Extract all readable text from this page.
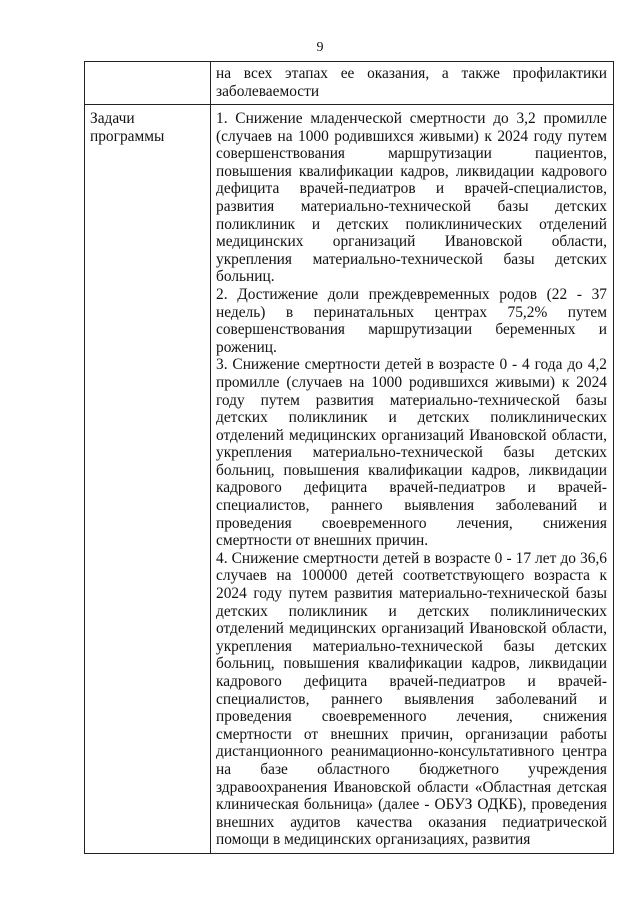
9

	на всех этапах ее оказания, а также профилактики заболеваемости

Задачи программы	1. Снижение младенческой смертности до 3,2 промилле (случаев на 1000 родившихся живыми) к 2024 году путем совершенствования маршрутизации пациентов, повышения квалификации кадров, ликвидации кадрового дефицита врачей-педиатров и врачей-специалистов, развития материально-технической базы детских поликлиник и детских поликлинических отделений медицинских организаций Ивановской области, укрепления материально-технической базы детских больниц.

2. Достижение доли преждевременных родов (22 - 37 недель) в перинатальных центрах 75,2% путем совершенствования маршрутизации беременных и рожениц.

3. Снижение смертности детей в возрасте 0 - 4 года до 4,2 промилле (случаев на 1000 родившихся живыми) к 2024 году путем развития материально-технической базы детских поликлиник и детских поликлинических отделений медицинских организаций Ивановской области, укрепления материально-технической базы детских больниц, повышения квалификации кадров, ликвидации кадрового дефицита врачей-педиатров и врачей-специалистов, раннего выявления заболеваний и проведения своевременного лечения, снижения смертности от внешних причин.

4. Снижение смертности детей в возрасте 0 - 17 лет до 36,6 случаев на 100000 детей соответствующего возраста к 2024 году путем развития материально-технической базы детских поликлиник и детских поликлинических отделений медицинских организаций Ивановской области, укрепления материально-технической базы детских больниц, повышения квалификации кадров, ликвидации кадрового дефицита врачей-педиатров и врачей-специалистов, раннего выявления заболеваний и проведения своевременного лечения, снижения смертности от внешних причин, организации работы дистанционного реанимационно-консультативного центра на базе областного бюджетного учреждения здравоохранения Ивановской области «Областная детская клиническая больница» (далее - ОБУЗ ОДКБ), проведения внешних аудитов качества оказания педиатрической помощи в медицинских организациях, развития
